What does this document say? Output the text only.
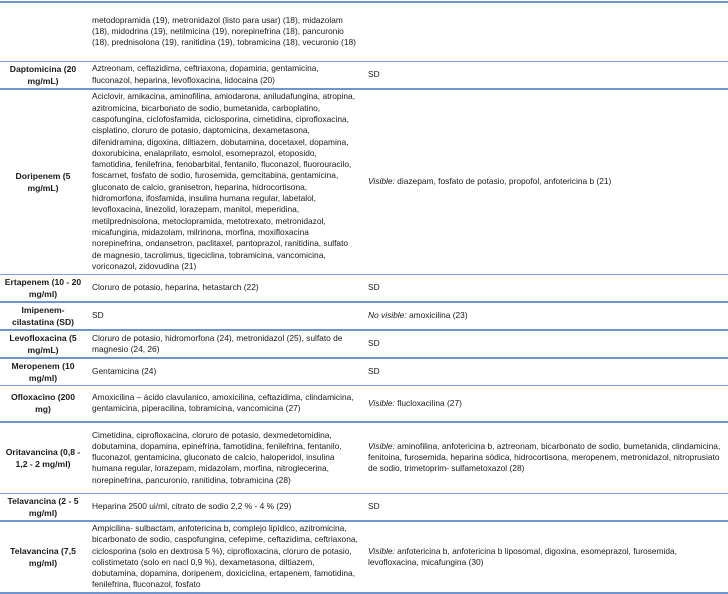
	metodopramida (19), metronidazol (listo para usar) (18), midazolam (18), midodrina (19), netilmicina (19), norepinefrina (18), pancuronio (18), prednisolona (19), ranitidina (19), tobramicina (18), vecuronio (18)	
Daptomicina (20 mg/mL)	Aztreonam, ceftazidima, ceftriaxona, dopamina, gentamicina, fluconazol, heparina, levofloxacina, lidocaina (20)	SD
Doripenem (5 mg/mL)	Aciclovir, amikacina, aminofilina, amiodarona, aniludafungina, atropina, azitromicina, bicarbonato de sodio, bumetanida, carboplatino, caspofungina, ciclofosfamida, ciclosporina, cimetidina, ciprofloxacina, cisplatino, cloruro de potasio, daptomicina, dexametasona, difenidramina, digoxina, diltiazem, dobutamina, docetaxel, dopamina, doxorubicina, enalaprilato, esmolol, esomeprazol, etoposido, famotidina, fenilefrina, fenobarbital, fentanilo, fluconazol, fluorouracilo, foscarnet, fosfato de sodio, furosemida, gemcitabina, gentamicina, gluconato de calcio, granisetron, heparina, hidrocortisona, hidromorfona, ifosfamida, insulina humana regular, labetalol, levofloxacina, linezolid, lorazepam, manitol, meperidina, metilprednisolona, metoclopramida, metotrexato, metronidazol, micafungina, midazolam, milrinona, morfina, moxifloxacina norepinefrina, ondansetron, paclitaxel, pantoprazol, ranitidina, sulfato de magnesio, tacrolimus, tigeciclina, tobramicina, vancomicina, voriconazol, zidovudina (21)	Visible: diazepam, fosfato de potasio, propofol, anfotericina b (21)
Ertapenem (10 - 20 mg/ml)	Cloruro de potasio, heparina, hetastarch (22)	SD
Imipenem-cilastatina (SD)	SD	No visible: amoxicilina (23)
Levofloxacina (5 mg/mL)	Cloruro de potasio, hidromorfona (24), metronidazol (25), sulfato de magnesio (24, 26)	SD
Meropenem (10 mg/ml)	Gentamicina (24)	SD
Ofloxacino (200 mg)	Amoxicilina – ácido clavulanico, amoxicilina, ceftazidima, clindamicina, gentamicina, piperacilina, tobramicina, vancomicina (27)	Visible: flucloxacilina (27)
Oritavancina (0,8 - 1,2 - 2 mg/ml)	Cimetidina, ciprofloxacina, cloruro de potasio, dexmedetomidina, dobutamina, dopamina, epinefrina, famotidina, fenilefrina, fentanilo, fluconazol, gentamicina, gluconato de calcio, haloperidol, insulina humana regular, lorazepam, midazolam, morfina, nitroglecerina, norepinefrina, pancuronio, ranitidina, tobramicina (28)	Visible: aminofilina, anfotericina b, aztreonam, bicarbonato de sodio, bumetanida, clindamicina, fenitoina, furosemida, heparina sódica, hidrocortisona, meropenem, metronidazol, nitroprusiato de sodio, trimetoprim- sulfametoxazol (28)
Telavancina (2 - 5 mg/ml)	Heparina 2500 ui/ml, citrato de sodio 2,2 % - 4 % (29)	SD
Telavancina (7,5 mg/ml)	Ampicilina- sulbactam, anfotericina b, complejo lipídico, azitromicina, bicarbonato de sodio, caspofungina, cefepime, ceftazidima, ceftriaxona, ciclosporina (solo en dextrosa 5 %), ciprofloxacina, cloruro de potasio, colistimetato (solo en nacl 0,9 %), dexametasona, diltiazem, dobutamina, dopamina, doripenem, doxiciclina, ertapenem, famotidina, fenilefrina, fluconazol, fosfato	Visible: anfotericina b, anfotericina b liposomal, digoxina, esomeprazol, furosemida, levofloxacina, micafungina (30)
